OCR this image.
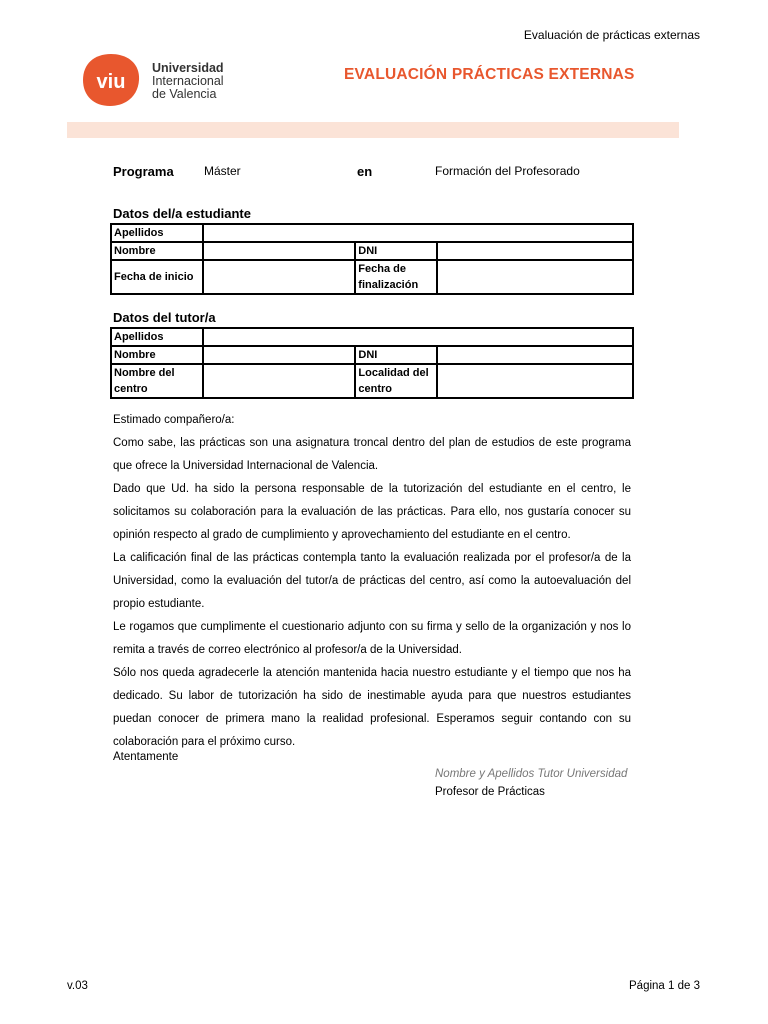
Evaluación de prácticas externas
viu
Universidad
Internacional
de Valencia
EVALUACIÓN PRÁCTICAS EXTERNAS
Programa	Máster	en	Formación del Profesorado
Datos del/a estudiante
Apellidos			
Nombre		DNI	
Fecha de inicio		Fecha de finalización	
Datos del tutor/a
Apellidos			
Nombre		DNI	
Nombre del centro		Localidad del centro	

Estimado compañero/a:

Como sabe, las prácticas son una asignatura troncal dentro del plan de estudios de este programa que ofrece la Universidad Internacional de Valencia.

Dado que Ud. ha sido la persona responsable de la tutorización del estudiante en el centro, le solicitamos su colaboración para la evaluación de las prácticas. Para ello, nos gustaría conocer su opinión respecto al grado de cumplimiento y aprovechamiento del estudiante en el centro.

La calificación final de las prácticas contempla tanto la evaluación realizada por el profesor/a de la Universidad, como la evaluación del tutor/a de prácticas del centro, así como la autoevaluación del propio estudiante.

Le rogamos que cumplimente el cuestionario adjunto con su firma y sello de la organización y nos lo remita a través de correo electrónico al profesor/a de la Universidad.

Sólo nos queda agradecerle la atención mantenida hacia nuestro estudiante y el tiempo que nos ha dedicado. Su labor de tutorización ha sido de inestimable ayuda para que nuestros estudiantes puedan conocer de primera mano la realidad profesional. Esperamos seguir contando con su colaboración para el próximo curso.

Atentamente
Nombre y Apellidos Tutor Universidad
Profesor de Prácticas
v.03	Página 1 de 3
